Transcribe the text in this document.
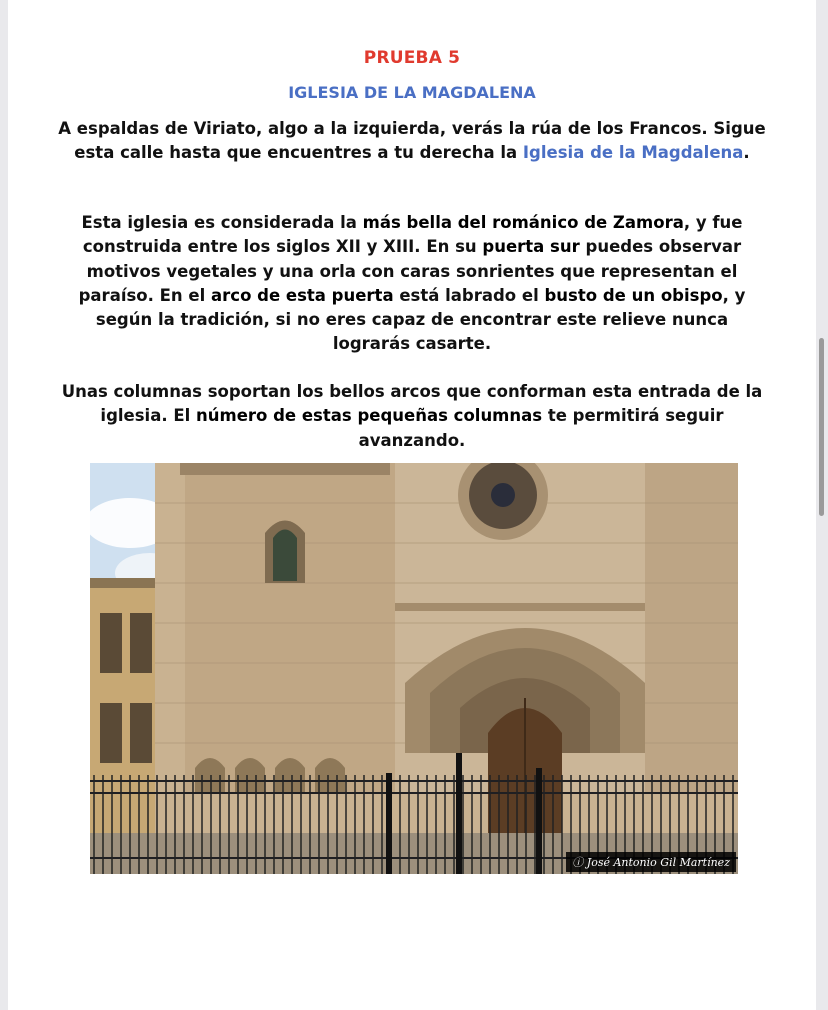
PRUEBA 5
IGLESIA DE LA MAGDALENA
A espaldas de Viriato, algo a la izquierda, verás la rúa de los Francos. Sigue esta calle hasta que encuentres a tu derecha la Iglesia de la Magdalena.
Esta iglesia es considerada la más bella del románico de Zamora, y fue construida entre los siglos XII y XIII. En su puerta sur puedes observar motivos vegetales y una orla con caras sonrientes que representan el paraíso. En el arco de esta puerta está labrado el busto de un obispo, y según la tradición, si no eres capaz de encontrar este relieve nunca lograrás casarte.
Unas columnas soportan los bellos arcos que conforman esta entrada de la iglesia. El número de estas pequeñas columnas te permitirá seguir avanzando.
ⓘ José Antonio Gil Martínez
